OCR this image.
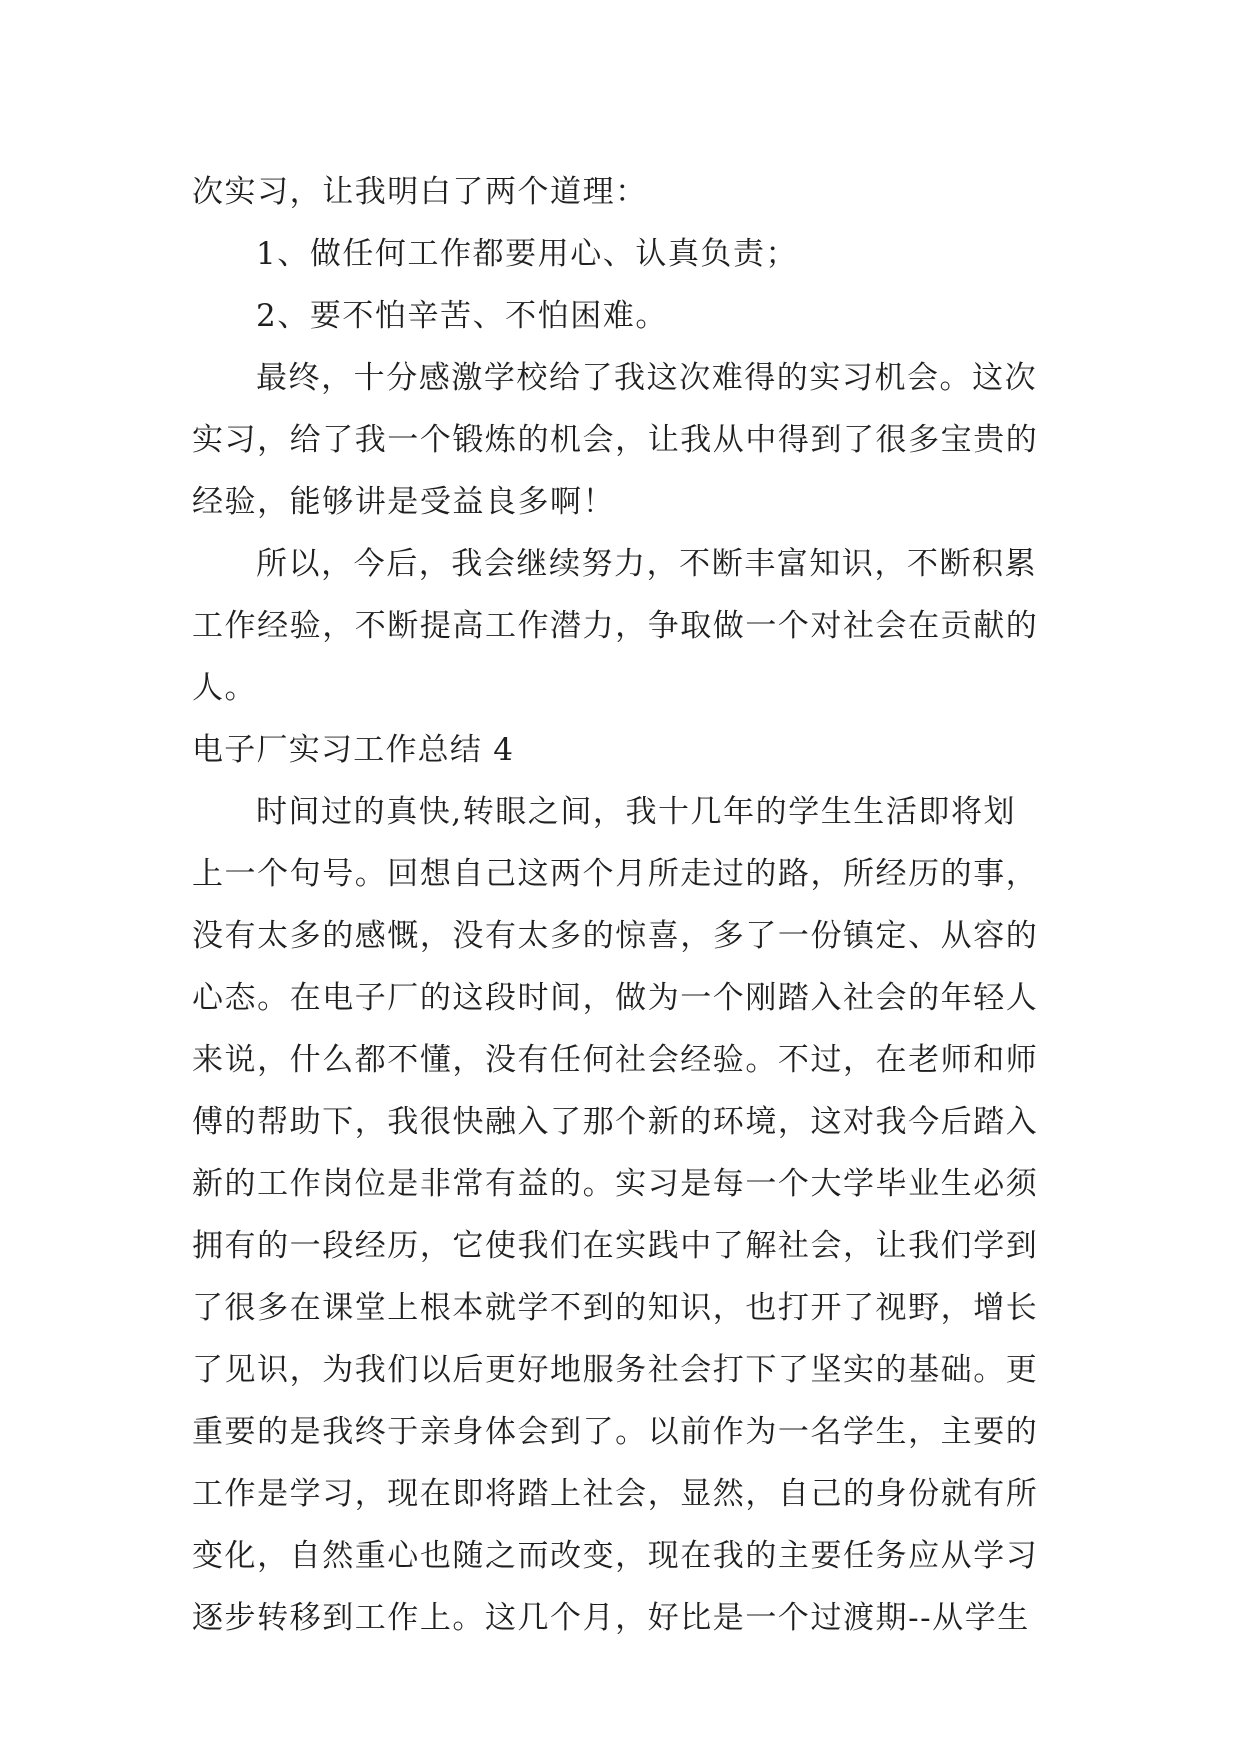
次实习，让我明白了两个道理：
1、做任何工作都要用心、认真负责；
2、要不怕辛苦、不怕困难。
最终，十分感激学校给了我这次难得的实习机会。这次
实习，给了我一个锻炼的机会，让我从中得到了很多宝贵的
经验，能够讲是受益良多啊！
所以，今后，我会继续努力，不断丰富知识，不断积累
工作经验，不断提高工作潜力，争取做一个对社会在贡献的
人。
电子厂实习工作总结 4
时间过的真快,转眼之间，我十几年的学生生活即将划
上一个句号。回想自己这两个月所走过的路，所经历的事，
没有太多的感慨，没有太多的惊喜，多了一份镇定、从容的
心态。在电子厂的这段时间，做为一个刚踏入社会的年轻人
来说，什么都不懂，没有任何社会经验。不过，在老师和师
傅的帮助下，我很快融入了那个新的环境，这对我今后踏入
新的工作岗位是非常有益的。实习是每一个大学毕业生必须
拥有的一段经历，它使我们在实践中了解社会，让我们学到
了很多在课堂上根本就学不到的知识，也打开了视野，增长
了见识，为我们以后更好地服务社会打下了坚实的基础。更
重要的是我终于亲身体会到了。以前作为一名学生，主要的
工作是学习，现在即将踏上社会，显然，自己的身份就有所
变化，自然重心也随之而改变，现在我的主要任务应从学习
逐步转移到工作上。这几个月，好比是一个过渡期--从学生
